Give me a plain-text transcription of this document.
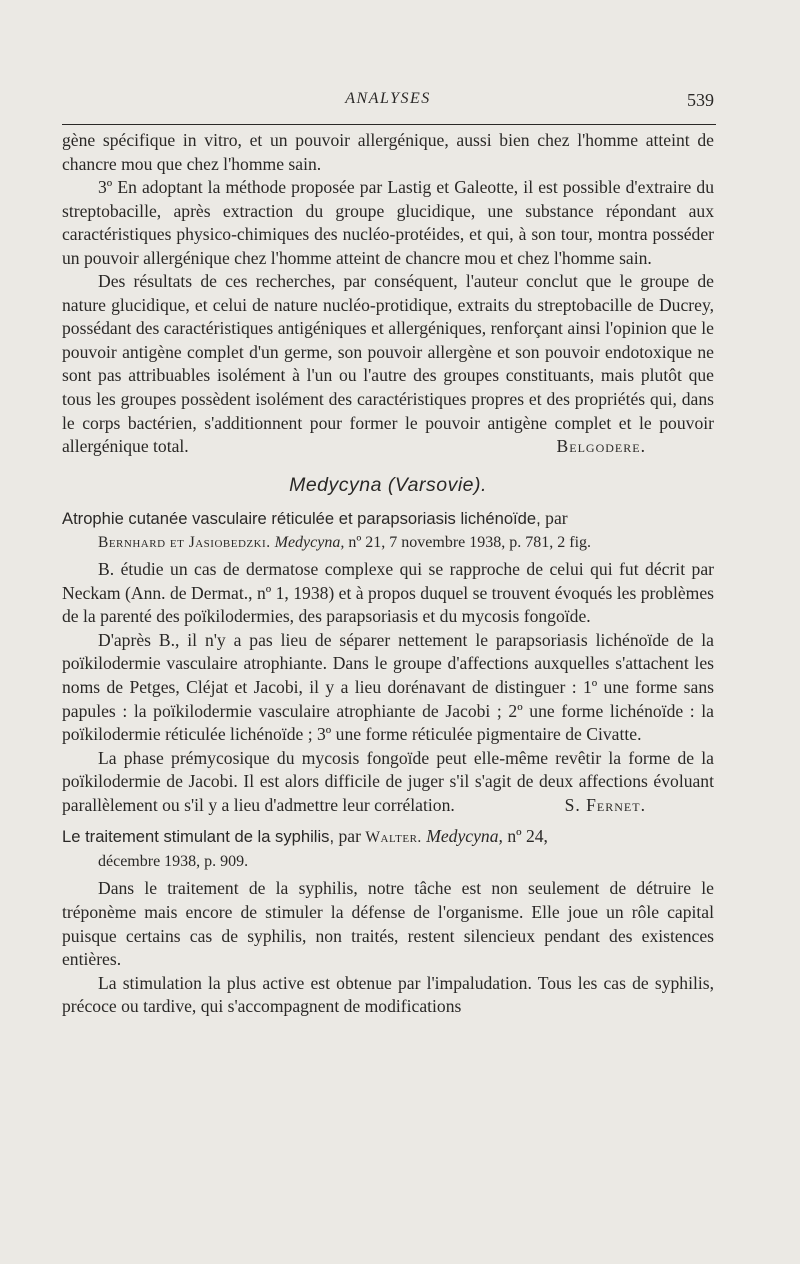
ANALYSES	539

gène spécifique in vitro, et un pouvoir allergénique, aussi bien chez l'homme atteint de chancre mou que chez l'homme sain.

3º En adoptant la méthode proposée par Lastig et Galeotte, il est possible d'extraire du streptobacille, après extraction du groupe glucidique, une substance répondant aux caractéristiques physico-chimiques des nucléo-protéides, et qui, à son tour, montra posséder un pouvoir allergénique chez l'homme atteint de chancre mou et chez l'homme sain.

Des résultats de ces recherches, par conséquent, l'auteur conclut que le groupe de nature glucidique, et celui de nature nucléo-protidique, extraits du streptobacille de Ducrey, possédant des caractéristiques antigéniques et allergéniques, renforçant ainsi l'opinion que le pouvoir antigène complet d'un germe, son pouvoir allergène et son pouvoir endotoxique ne sont pas attribuables isolément à l'un ou l'autre des groupes constituants, mais plutôt que tous les groupes possèdent isolément des caractéristiques propres et des propriétés qui, dans le corps bactérien, s'additionnent pour former le pouvoir antigène complet et le pouvoir allergénique total.	Belgodere.

Medycyna (Varsovie).

Atrophie cutanée vasculaire réticulée et parapsoriasis lichénoïde, par
Bernhard et Jasiobedzki. Medycyna, nº 21, 7 novembre 1938, p. 781, 2 fig.

B. étudie un cas de dermatose complexe qui se rapproche de celui qui fut décrit par Neckam (Ann. de Dermat., nº 1, 1938) et à propos duquel se trouvent évoqués les problèmes de la parenté des poïkilodermies, des parapsoriasis et du mycosis fongoïde.

D'après B., il n'y a pas lieu de séparer nettement le parapsoriasis lichénoïde de la poïkilodermie vasculaire atrophiante. Dans le groupe d'affections auxquelles s'attachent les noms de Petges, Cléjat et Jacobi, il y a lieu dorénavant de distinguer : 1º une forme sans papules : la poïkilodermie vasculaire atrophiante de Jacobi ; 2º une forme lichénoïde : la poïkilodermie réticulée lichénoïde ; 3º une forme réticulée pigmentaire de Civatte.

La phase prémycosique du mycosis fongoïde peut elle-même revêtir la forme de la poïkilodermie de Jacobi. Il est alors difficile de juger s'il s'agit de deux affections évoluant parallèlement ou s'il y a lieu d'admettre leur corrélation.	S. Fernet.

Le traitement stimulant de la syphilis, par Walter. Medycyna, nº 24,
décembre 1938, p. 909.

Dans le traitement de la syphilis, notre tâche est non seulement de détruire le tréponème mais encore de stimuler la défense de l'organisme. Elle joue un rôle capital puisque certains cas de syphilis, non traités, restent silencieux pendant des existences entières.

La stimulation la plus active est obtenue par l'impaludation. Tous les cas de syphilis, précoce ou tardive, qui s'accompagnent de modifications
